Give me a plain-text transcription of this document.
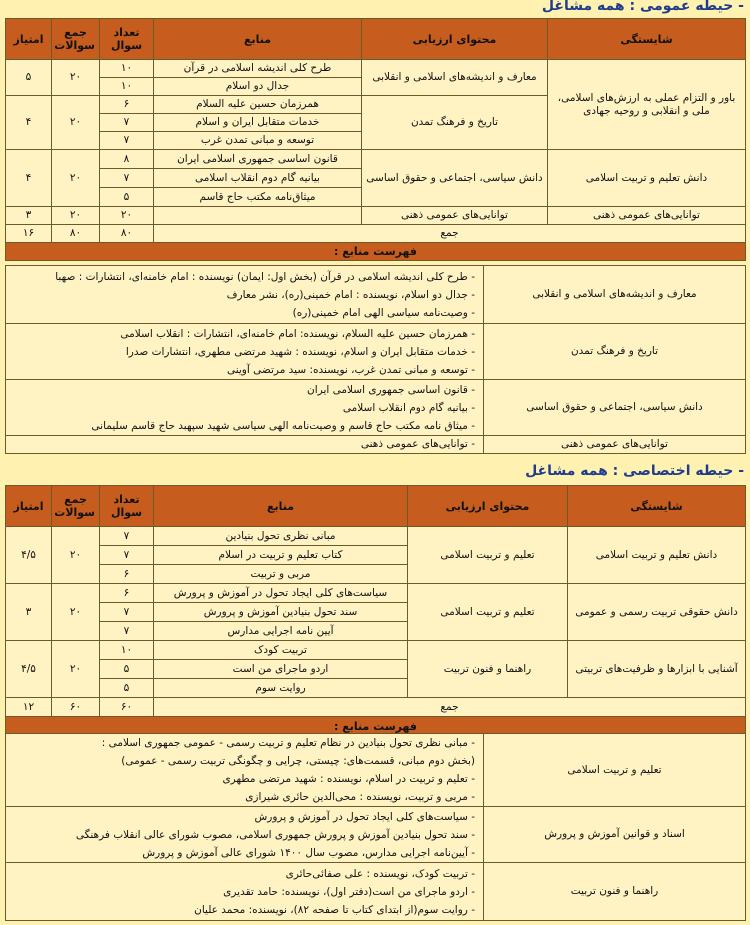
- حیطه عمومی : همه مشاغل
شایستگی	محتوای ارزیابی	منابع	تعداد سوال	جمع سوالات	امتیاز
باور و التزام عملی به ارزش‌های اسلامی، ملی و انقلابی و روحیه جهادی	معارف و اندیشه‌های اسلامی و انقلابی	طرح کلی اندیشه اسلامی در قرآن	۱۰	۲۰	۵
		جدال دو اسلام	۱۰		
	تاریخ و فرهنگ تمدن	همرزمان حسین علیه السلام	۶	۲۰	۴
		خدمات متقابل ایران و اسلام	۷		
		توسعه و مبانی تمدن غرب	۷		
دانش تعلیم و تربیت اسلامی	دانش سیاسی، اجتماعی و حقوق اساسی	قانون اساسی جمهوری اسلامی ایران	۸	۲۰	۴
		بیانیه گام دوم انقلاب اسلامی	۷		
		میثاق‌نامه مکتب حاج قاسم	۵		
توانایی‌های عمومی ذهنی	توانایی‌های عمومی ذهنی		۲۰	۲۰	۳
جمع			۸۰	۸۰	۱۶
فهرست منابع :					
معارف و اندیشه‌های اسلامی و انقلابی	- طرح کلی اندیشه اسلامی در قرآن (بخش اول: ایمان) نویسنده : امام خامنه‌ای، انتشارات : صهبا
- جدال دو اسلام، نویسنده : امام خمینی(ره)، نشر معارف
- وصیت‌نامه سیاسی الهی امام خمینی(ره)

تاریخ و فرهنگ تمدن	- همرزمان حسین علیه السلام، نویسنده: امام خامنه‌ای، انتشارات : انقلاب اسلامی
- خدمات متقابل ایران و اسلام، نویسنده : شهید مرتضی مطهری، انتشارات صدرا
- توسعه و مبانی تمدن غرب، نویسنده: سید مرتضی آوینی

دانش سیاسی، اجتماعی و حقوق اساسی	- قانون اساسی جمهوری اسلامی ایران
- بیانیه گام دوم انقلاب اسلامی
- میثاق نامه مکتب حاج قاسم و وصیت‌نامه الهی سیاسی شهید سپهبد حاج قاسم سلیمانی

توانایی‌های عمومی ذهنی	- توانایی‌های عمومی ذهنی
- حیطه اختصاصی : همه مشاغل
شایستگی	محتوای ارزیابی	منابع	تعداد سوال	جمع سوالات	امتیاز
دانش تعلیم و تربیت اسلامی	تعلیم و تربیت اسلامی	مبانی نظری تحول بنیادین	۷	۲۰	۴/۵
		کتاب تعلیم و تربیت در اسلام	۷		
		مربی و تربیت	۶		
دانش حقوقی تربیت رسمی و عمومی	تعلیم و تربیت اسلامی	سیاست‌های کلی ایجاد تحول در آموزش و پرورش	۶	۲۰	۳
		سند تحول بنیادین آموزش و پرورش	۷		
		آیین نامه اجرایی مدارس	۷		
آشنایی با ابزارها و ظرفیت‌های تربیتی	راهنما و فنون تربیت	تربیت کودک	۱۰	۲۰	۴/۵
		اردو ماجرای من است	۵		
		روایت سوم	۵		
جمع			۶۰	۶۰	۱۲
فهرست منابع :					
تعلیم و تربیت اسلامی	- مبانی نظری تحول بنیادین در نظام تعلیم و تربیت رسمی - عمومی جمهوری اسلامی :
(بخش دوم مبانی، قسمت‌های: چیستی، چرایی و چگونگی تربیت رسمی - عمومی)
- تعلیم و تربیت در اسلام، نویسنده : شهید مرتضی مطهری
- مربی و تربیت، نویسنده : محی‌الدین حائری شیرازی

اسناد و قوانین آموزش و پرورش	- سیاست‌های کلی ایجاد تحول در آموزش و پرورش
- سند تحول بنیادین آموزش و پرورش جمهوری اسلامی، مصوب شورای عالی انقلاب فرهنگی
- آیین‌نامه اجرایی مدارس، مصوب سال ۱۴۰۰ شورای عالی آموزش و پرورش

راهنما و فنون تربیت	- تربیت کودک، نویسنده : علی صفائی‌حائری
- اردو ماجرای من است(دفتر اول)، نویسنده: حامد تقدیری
- روایت سوم(از ابتدای کتاب تا صفحه ۸۲)، نویسنده: محمد علیان
